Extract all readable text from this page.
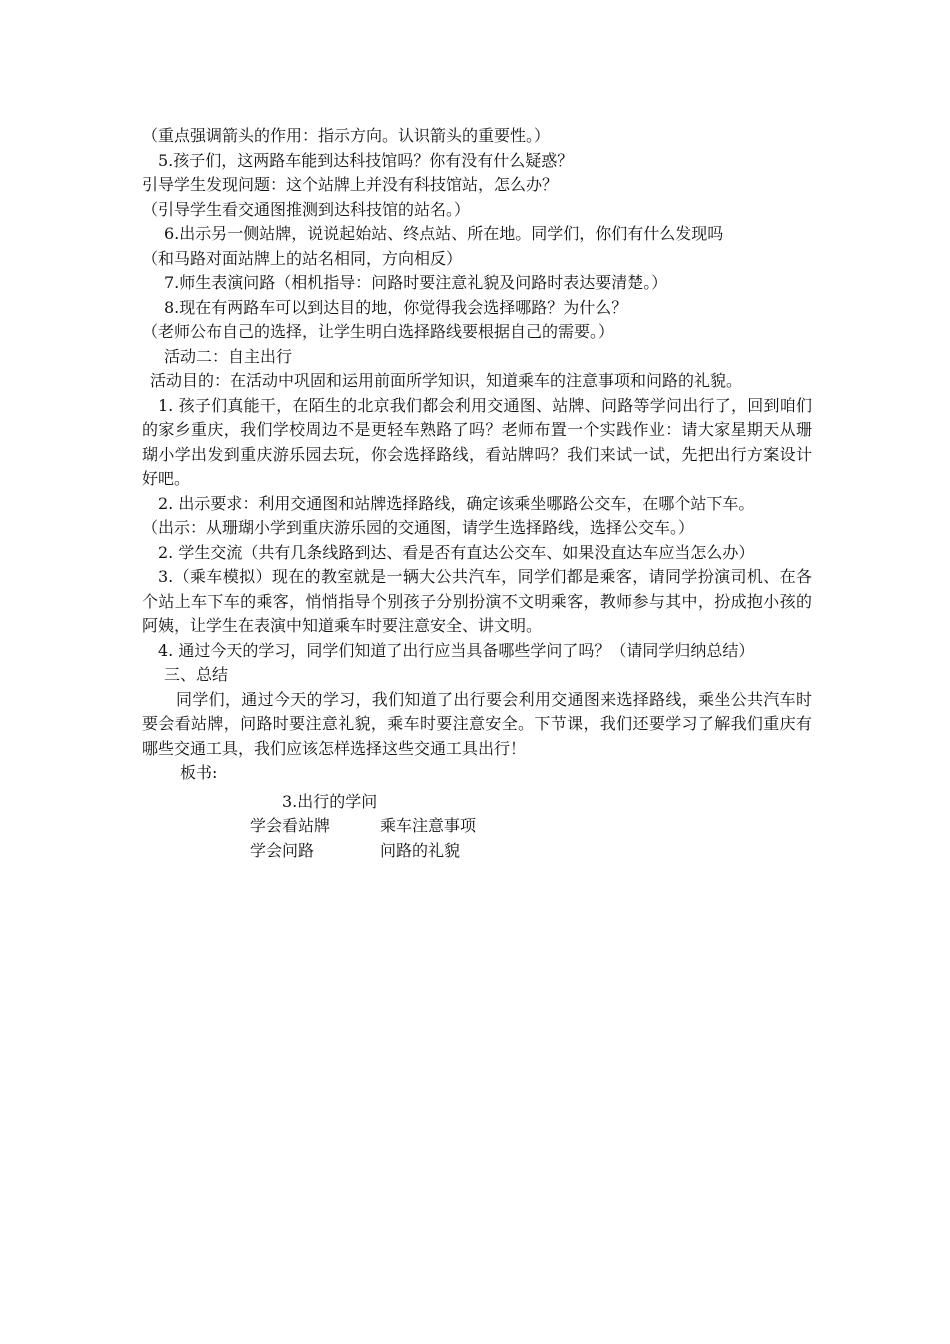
（重点强调箭头的作用：指示方向。认识箭头的重要性。）

5.孩子们，这两路车能到达科技馆吗？你有没有什么疑惑？

引导学生发现问题：这个站牌上并没有科技馆站，怎么办？

（引导学生看交通图推测到达科技馆的站名。）

6.出示另一侧站牌，说说起始站、终点站、所在地。同学们，你们有什么发现吗

（和马路对面站牌上的站名相同，方向相反）

7.师生表演问路（相机指导：问路时要注意礼貌及问路时表达要清楚。）

8.现在有两路车可以到达目的地，你觉得我会选择哪路？为什么？

（老师公布自己的选择，让学生明白选择路线要根据自己的需要。）

活动二：自主出行

活动目的：在活动中巩固和运用前面所学知识，知道乘车的注意事项和问路的礼貌。

1. 孩子们真能干，在陌生的北京我们都会利用交通图、站牌、问路等学问出行了，回到咱们的家乡重庆，我们学校周边不是更轻车熟路了吗？老师布置一个实践作业：请大家星期天从珊瑚小学出发到重庆游乐园去玩，你会选择路线，看站牌吗？我们来试一试，先把出行方案设计好吧。

2. 出示要求：利用交通图和站牌选择路线，确定该乘坐哪路公交车，在哪个站下车。

（出示：从珊瑚小学到重庆游乐园的交通图，请学生选择路线，选择公交车。）

2. 学生交流（共有几条线路到达、看是否有直达公交车、如果没直达车应当怎么办）

3.（乘车模拟）现在的教室就是一辆大公共汽车，同学们都是乘客，请同学扮演司机、在各个站上车下车的乘客，悄悄指导个别孩子分别扮演不文明乘客，教师参与其中，扮成抱小孩的阿姨，让学生在表演中知道乘车时要注意安全、讲文明。

4. 通过今天的学习，同学们知道了出行应当具备哪些学问了吗？（请同学归纳总结）

三、总结

同学们，通过今天的学习，我们知道了出行要会利用交通图来选择路线，乘坐公共汽车时要会看站牌，问路时要注意礼貌，乘车时要注意安全。下节课，我们还要学习了解我们重庆有哪些交通工具，我们应该怎样选择这些交通工具出行！

板书:

3.出行的学问
学会看站牌	乘车注意事项
学会问路	问路的礼貌
